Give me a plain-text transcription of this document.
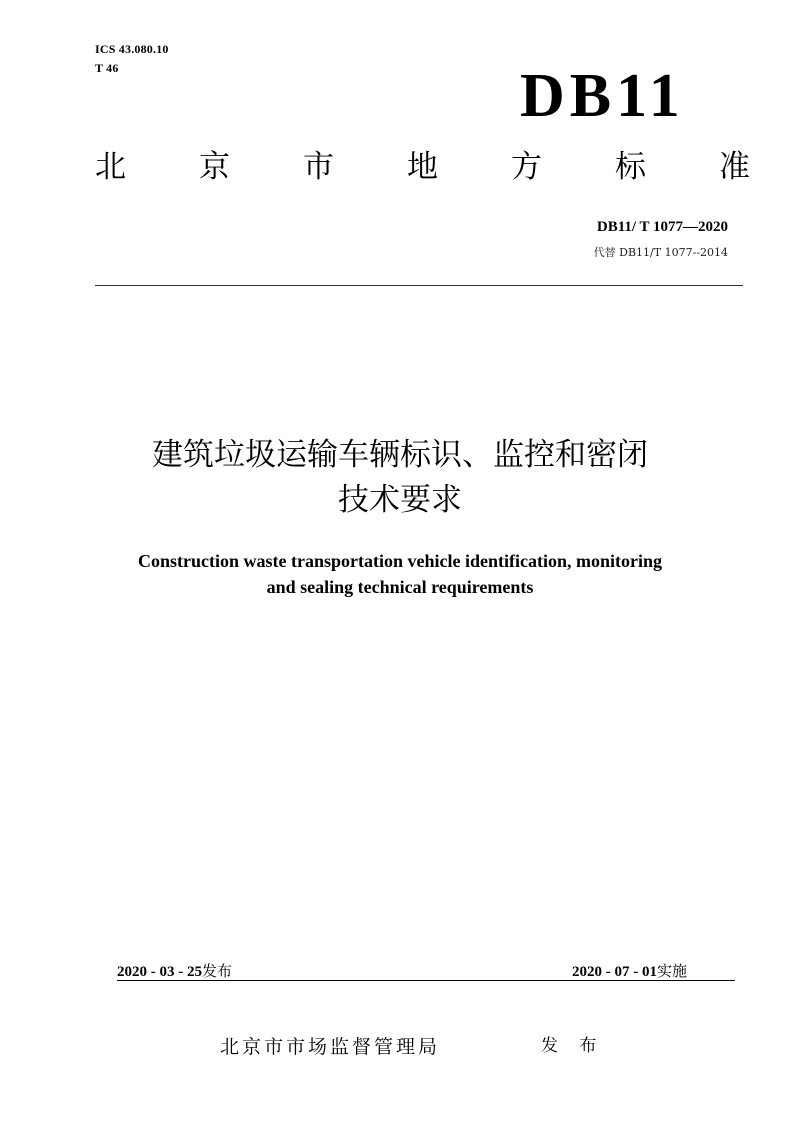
ICS 43.080.10
T 46	DB11
北 京 市 地 方 标 准
DB11/ T 1077—2020
代替 DB11/T 1077--2014
建筑垃圾运输车辆标识、监控和密闭
技术要求
Construction waste transportation vehicle identification, monitoring
and sealing technical requirements
2020 - 03 - 25发布	2020 - 07 - 01实施
北京市市场监督管理局	发 布
